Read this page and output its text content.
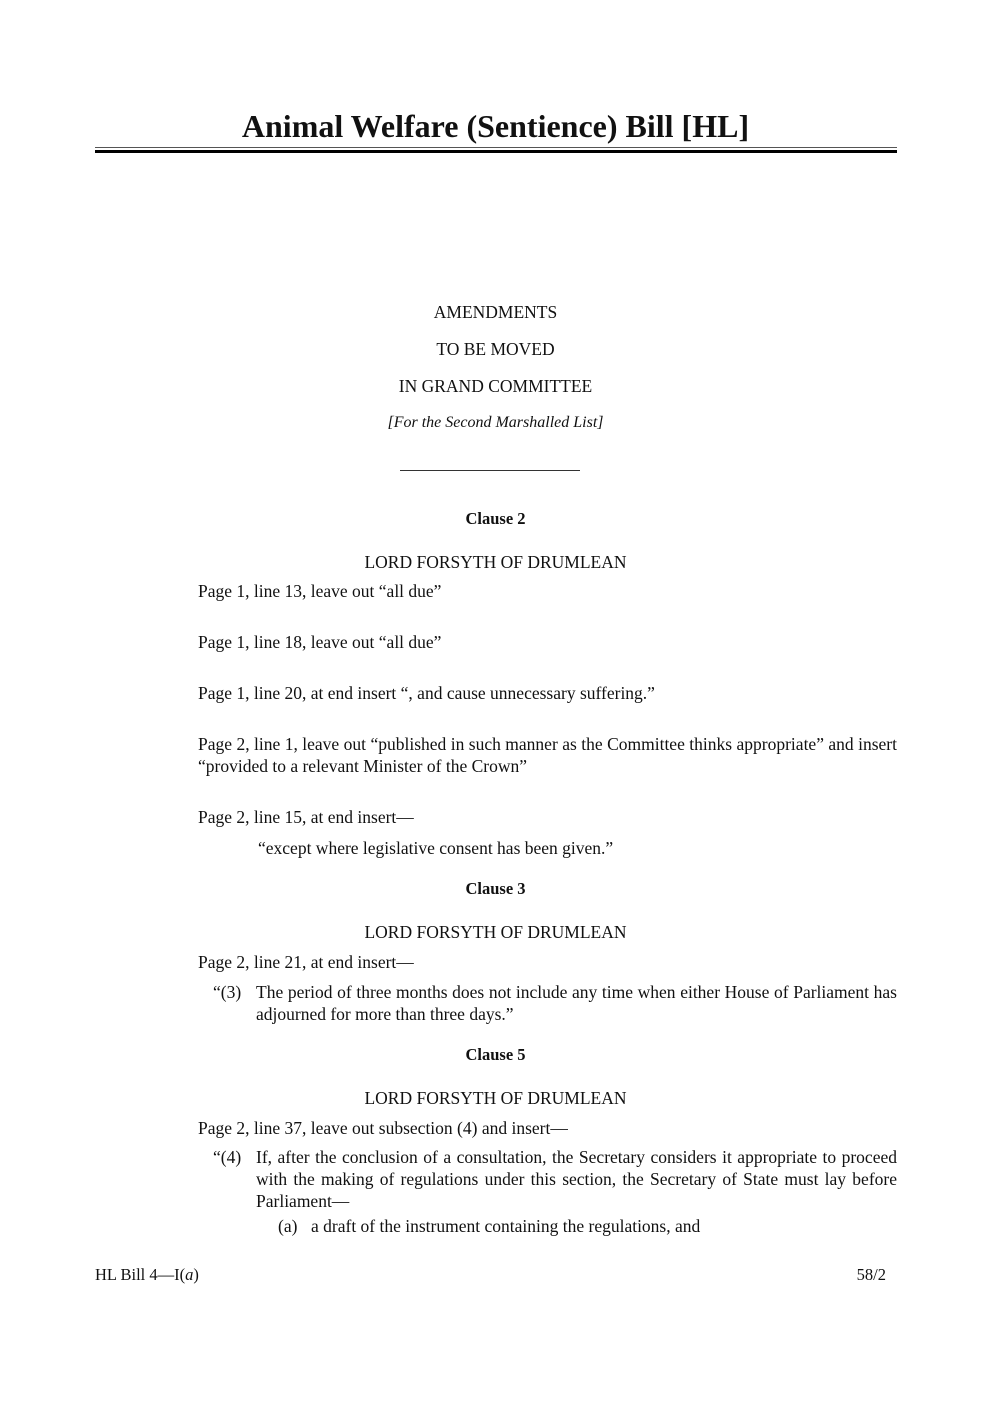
Animal Welfare (Sentience) Bill [HL]
AMENDMENTS
TO BE MOVED
IN GRAND COMMITTEE
[For the Second Marshalled List]
Clause 2
LORD FORSYTH OF DRUMLEAN
Page 1, line 13, leave out “all due”
Page 1, line 18, leave out “all due”
Page 1, line 20, at end insert “, and cause unnecessary suffering.”
Page 2, line 1, leave out “published in such manner as the Committee thinks appropriate” and insert “provided to a relevant Minister of the Crown”
Page 2, line 15, at end insert—
“except where legislative consent has been given.”
Clause 3
LORD FORSYTH OF DRUMLEAN
Page 2, line 21, at end insert—
“(3) The period of three months does not include any time when either House of Parliament has adjourned for more than three days.”
Clause 5
LORD FORSYTH OF DRUMLEAN
Page 2, line 37, leave out subsection (4) and insert—
“(4) If, after the conclusion of a consultation, the Secretary considers it appropriate to proceed with the making of regulations under this section, the Secretary of State must lay before Parliament—
(a) a draft of the instrument containing the regulations, and
HL Bill 4—I(a)	58/2
